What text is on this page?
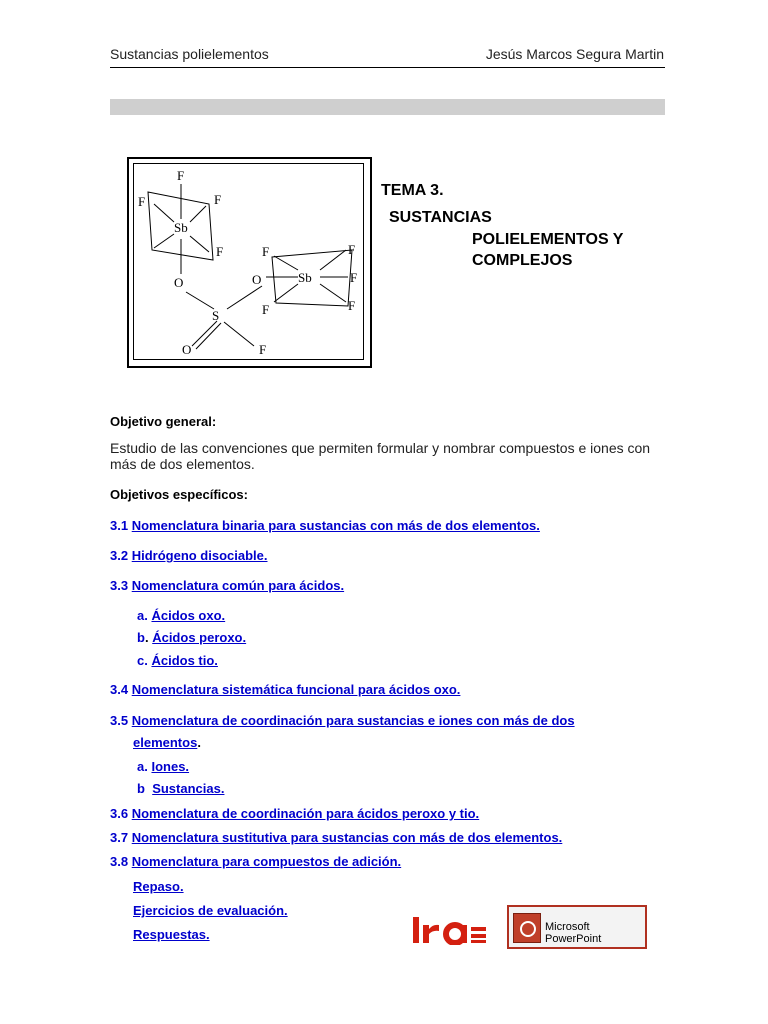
Sustancias polielementos	Jesús Marcos Segura Martin
F
F	F
Sb
F
O	O
S
F
F
Sb
F
F
F
O
F
TEMA 3.
SUSTANCIAS
POLIELEMENTOS Y
COMPLEJOS
Objetivo general:
Estudio de las convenciones que permiten formular y nombrar compuestos e iones con
más de dos elementos.
Objetivos específicos:
3.1 Nomenclatura binaria para sustancias con más de dos elementos.
3.2 Hidrógeno disociable.
3.3 Nomenclatura común para ácidos.
a. Ácidos oxo.
b. Ácidos peroxo.
c. Ácidos tio.
3.4 Nomenclatura sistemática funcional para ácidos oxo.
3.5 Nomenclatura de coordinación para sustancias e iones con más de dos
elementos.
a. Iones.
b Sustancias.
3.6 Nomenclatura de coordinación para ácidos peroxo y tio.
3.7 Nomenclatura sustitutiva para sustancias con más de dos elementos.
3.8 Nomenclatura para compuestos de adición.
Repaso.
Ejercicios de evaluación.
Respuestas.	Microsoft PowerPoint
